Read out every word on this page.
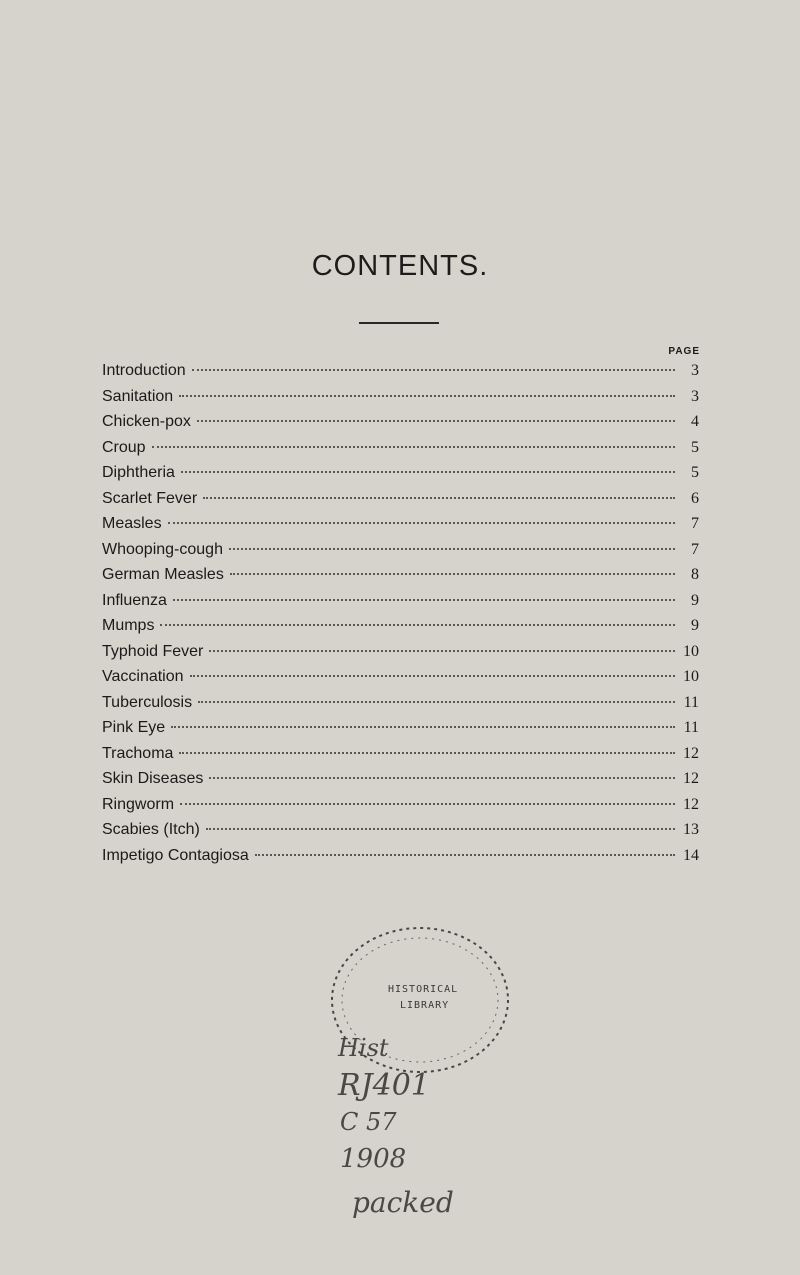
CONTENTS.
PAGE
Introduction	3
Sanitation	3
Chicken-pox	4
Croup	5
Diphtheria	5
Scarlet Fever	6
Measles	7
Whooping-cough	7
German Measles	8
Influenza	9
Mumps	9
Typhoid Fever	10
Vaccination	10
Tuberculosis	11
Pink Eye	11
Trachoma	12
Skin Diseases	12
Ringworm	12
Scabies (Itch)	13
Impetigo Contagiosa	14
HISTORICAL
LIBRARY
Hist
RJ401
C 57
1908
packed
